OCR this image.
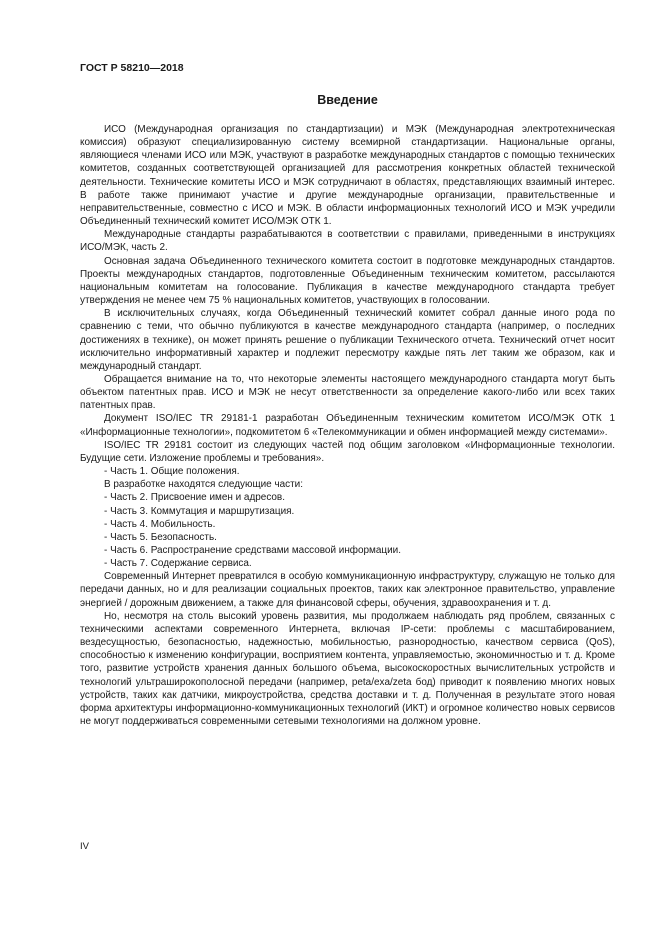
ГОСТ Р 58210—2018
Введение

ИСО (Международная организация по стандартизации) и МЭК (Международная электротехническая комиссия) образуют специализированную систему всемирной стандартизации. Национальные органы, являющиеся членами ИСО или МЭК, участвуют в разработке международных стандартов с помощью технических комитетов, созданных соответствующей организацией для рассмотрения конкретных областей технической деятельности. Технические комитеты ИСО и МЭК сотрудничают в областях, представляющих взаимный интерес. В работе также принимают участие и другие международные организации, правительственные и неправительственные, совместно с ИСО и МЭК. В области информационных технологий ИСО и МЭК учредили Объединенный технический комитет ИСО/МЭК ОТК 1.

Международные стандарты разрабатываются в соответствии с правилами, приведенными в инструкциях ИСО/МЭК, часть 2.

Основная задача Объединенного технического комитета состоит в подготовке международных стандартов. Проекты международных стандартов, подготовленные Объединенным техническим комитетом, рассылаются национальным комитетам на голосование. Публикация в качестве международного стандарта требует утверждения не менее чем 75 % национальных комитетов, участвующих в голосовании.

В исключительных случаях, когда Объединенный технический комитет собрал данные иного рода по сравнению с теми, что обычно публикуются в качестве международного стандарта (например, о последних достижениях в технике), он может принять решение о публикации Технического отчета. Технический отчет носит исключительно информативный характер и подлежит пересмотру каждые пять лет таким же образом, как и международный стандарт.

Обращается внимание на то, что некоторые элементы настоящего международного стандарта могут быть объектом патентных прав. ИСО и МЭК не несут ответственности за определение какого-либо или всех таких патентных прав.

Документ ISO/IEC TR 29181-1 разработан Объединенным техническим комитетом ИСО/МЭК ОТК 1 «Информационные технологии», подкомитетом 6 «Телекоммуникации и обмен информацией между системами».

ISO/IEC TR 29181 состоит из следующих частей под общим заголовком «Информационные технологии. Будущие сети. Изложение проблемы и требования».

- Часть 1. Общие положения.

В разработке находятся следующие части:

- Часть 2. Присвоение имен и адресов.
- Часть 3. Коммутация и маршрутизация.
- Часть 4. Мобильность.
- Часть 5. Безопасность.
- Часть 6. Распространение средствами массовой информации.
- Часть 7. Содержание сервиса.

Современный Интернет превратился в особую коммуникационную инфраструктуру, служащую не только для передачи данных, но и для реализации социальных проектов, таких как электронное правительство, управление энергией / дорожным движением, а также для финансовой сферы, обучения, здравоохранения и т. д.

Но, несмотря на столь высокий уровень развития, мы продолжаем наблюдать ряд проблем, связанных с техническими аспектами современного Интернета, включая IP-сети: проблемы с масштабированием, вездесущностью, безопасностью, надежностью, мобильностью, разнородностью, качеством сервиса (QoS), способностью к изменению конфигурации, восприятием контента, управляемостью, экономичностью и т. д. Кроме того, развитие устройств хранения данных большого объема, высокоскоростных вычислительных устройств и технологий ультраширокополосной передачи (например, peta/exa/zeta бод) приводит к появлению многих новых устройств, таких как датчики, микроустройства, средства доставки и т. д. Полученная в результате этого новая форма архитектуры информационно-коммуникационных технологий (ИКТ) и огромное количество новых сервисов не могут поддерживаться современными сетевыми технологиями на должном уровне.

IV
